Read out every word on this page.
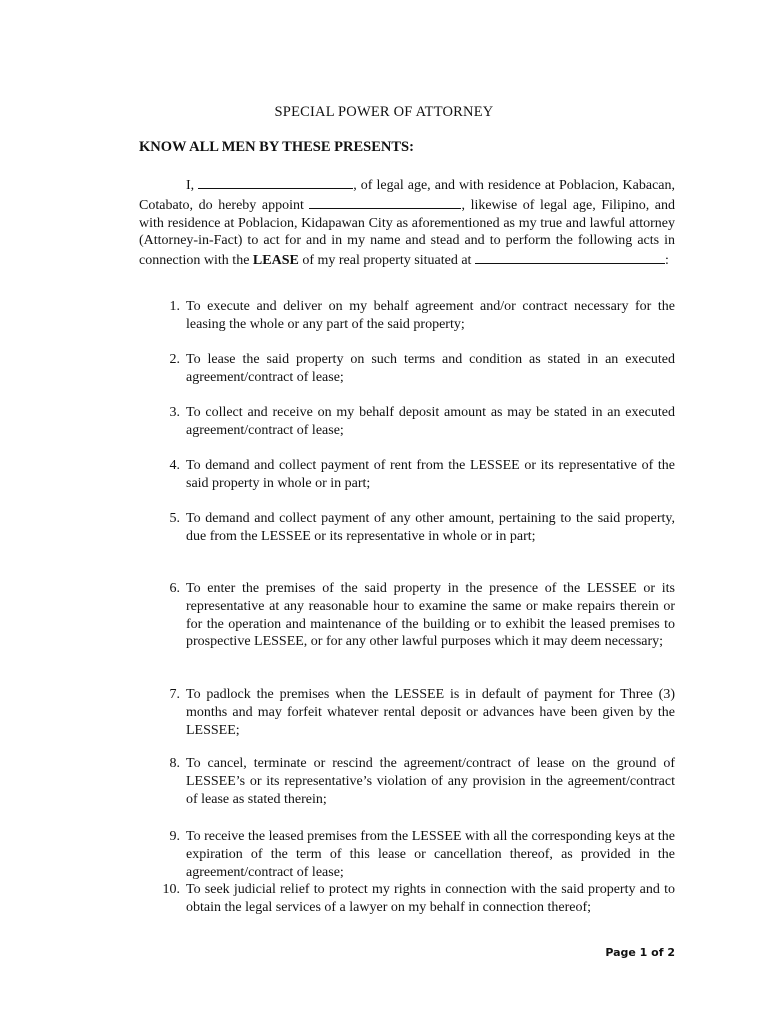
SPECIAL POWER OF ATTORNEY
KNOW ALL MEN BY THESE PRESENTS:
I,	, of legal age, and with residence at Poblacion, Kabacan, Cotabato, do hereby appoint	, likewise of legal age, Filipino, and with residence at Poblacion, Kidapawan City as aforementioned as my true and lawful attorney (Attorney-in-Fact) to act for and in my name and stead and to perform the following acts in connection with the LEASE of my real property situated at	:
1. To execute and deliver on my behalf agreement and/or contract necessary for the leasing the whole or any part of the said property;
2. To lease the said property on such terms and condition as stated in an executed agreement/contract of lease;
3. To collect and receive on my behalf deposit amount as may be stated in an executed agreement/contract of lease;
4. To demand and collect payment of rent from the LESSEE or its representative of the said property in whole or in part;
5. To demand and collect payment of any other amount, pertaining to the said property, due from the LESSEE or its representative in whole or in part;
6. To enter the premises of the said property in the presence of the LESSEE or its representative at any reasonable hour to examine the same or make repairs therein or for the operation and maintenance of the building or to exhibit the leased premises to prospective LESSEE, or for any other lawful purposes which it may deem necessary;
7. To padlock the premises when the LESSEE is in default of payment for Three (3) months and may forfeit whatever rental deposit or advances have been given by the LESSEE;
8. To cancel, terminate or rescind the agreement/contract of lease on the ground of LESSEE’s or its representative’s violation of any provision in the agreement/contract of lease as stated therein;
9. To receive the leased premises from the LESSEE with all the corresponding keys at the expiration of the term of this lease or cancellation thereof, as provided in the agreement/contract of lease;
10. To seek judicial relief to protect my rights in connection with the said property and to obtain the legal services of a lawyer on my behalf in connection thereof;
Page 1 of 2
